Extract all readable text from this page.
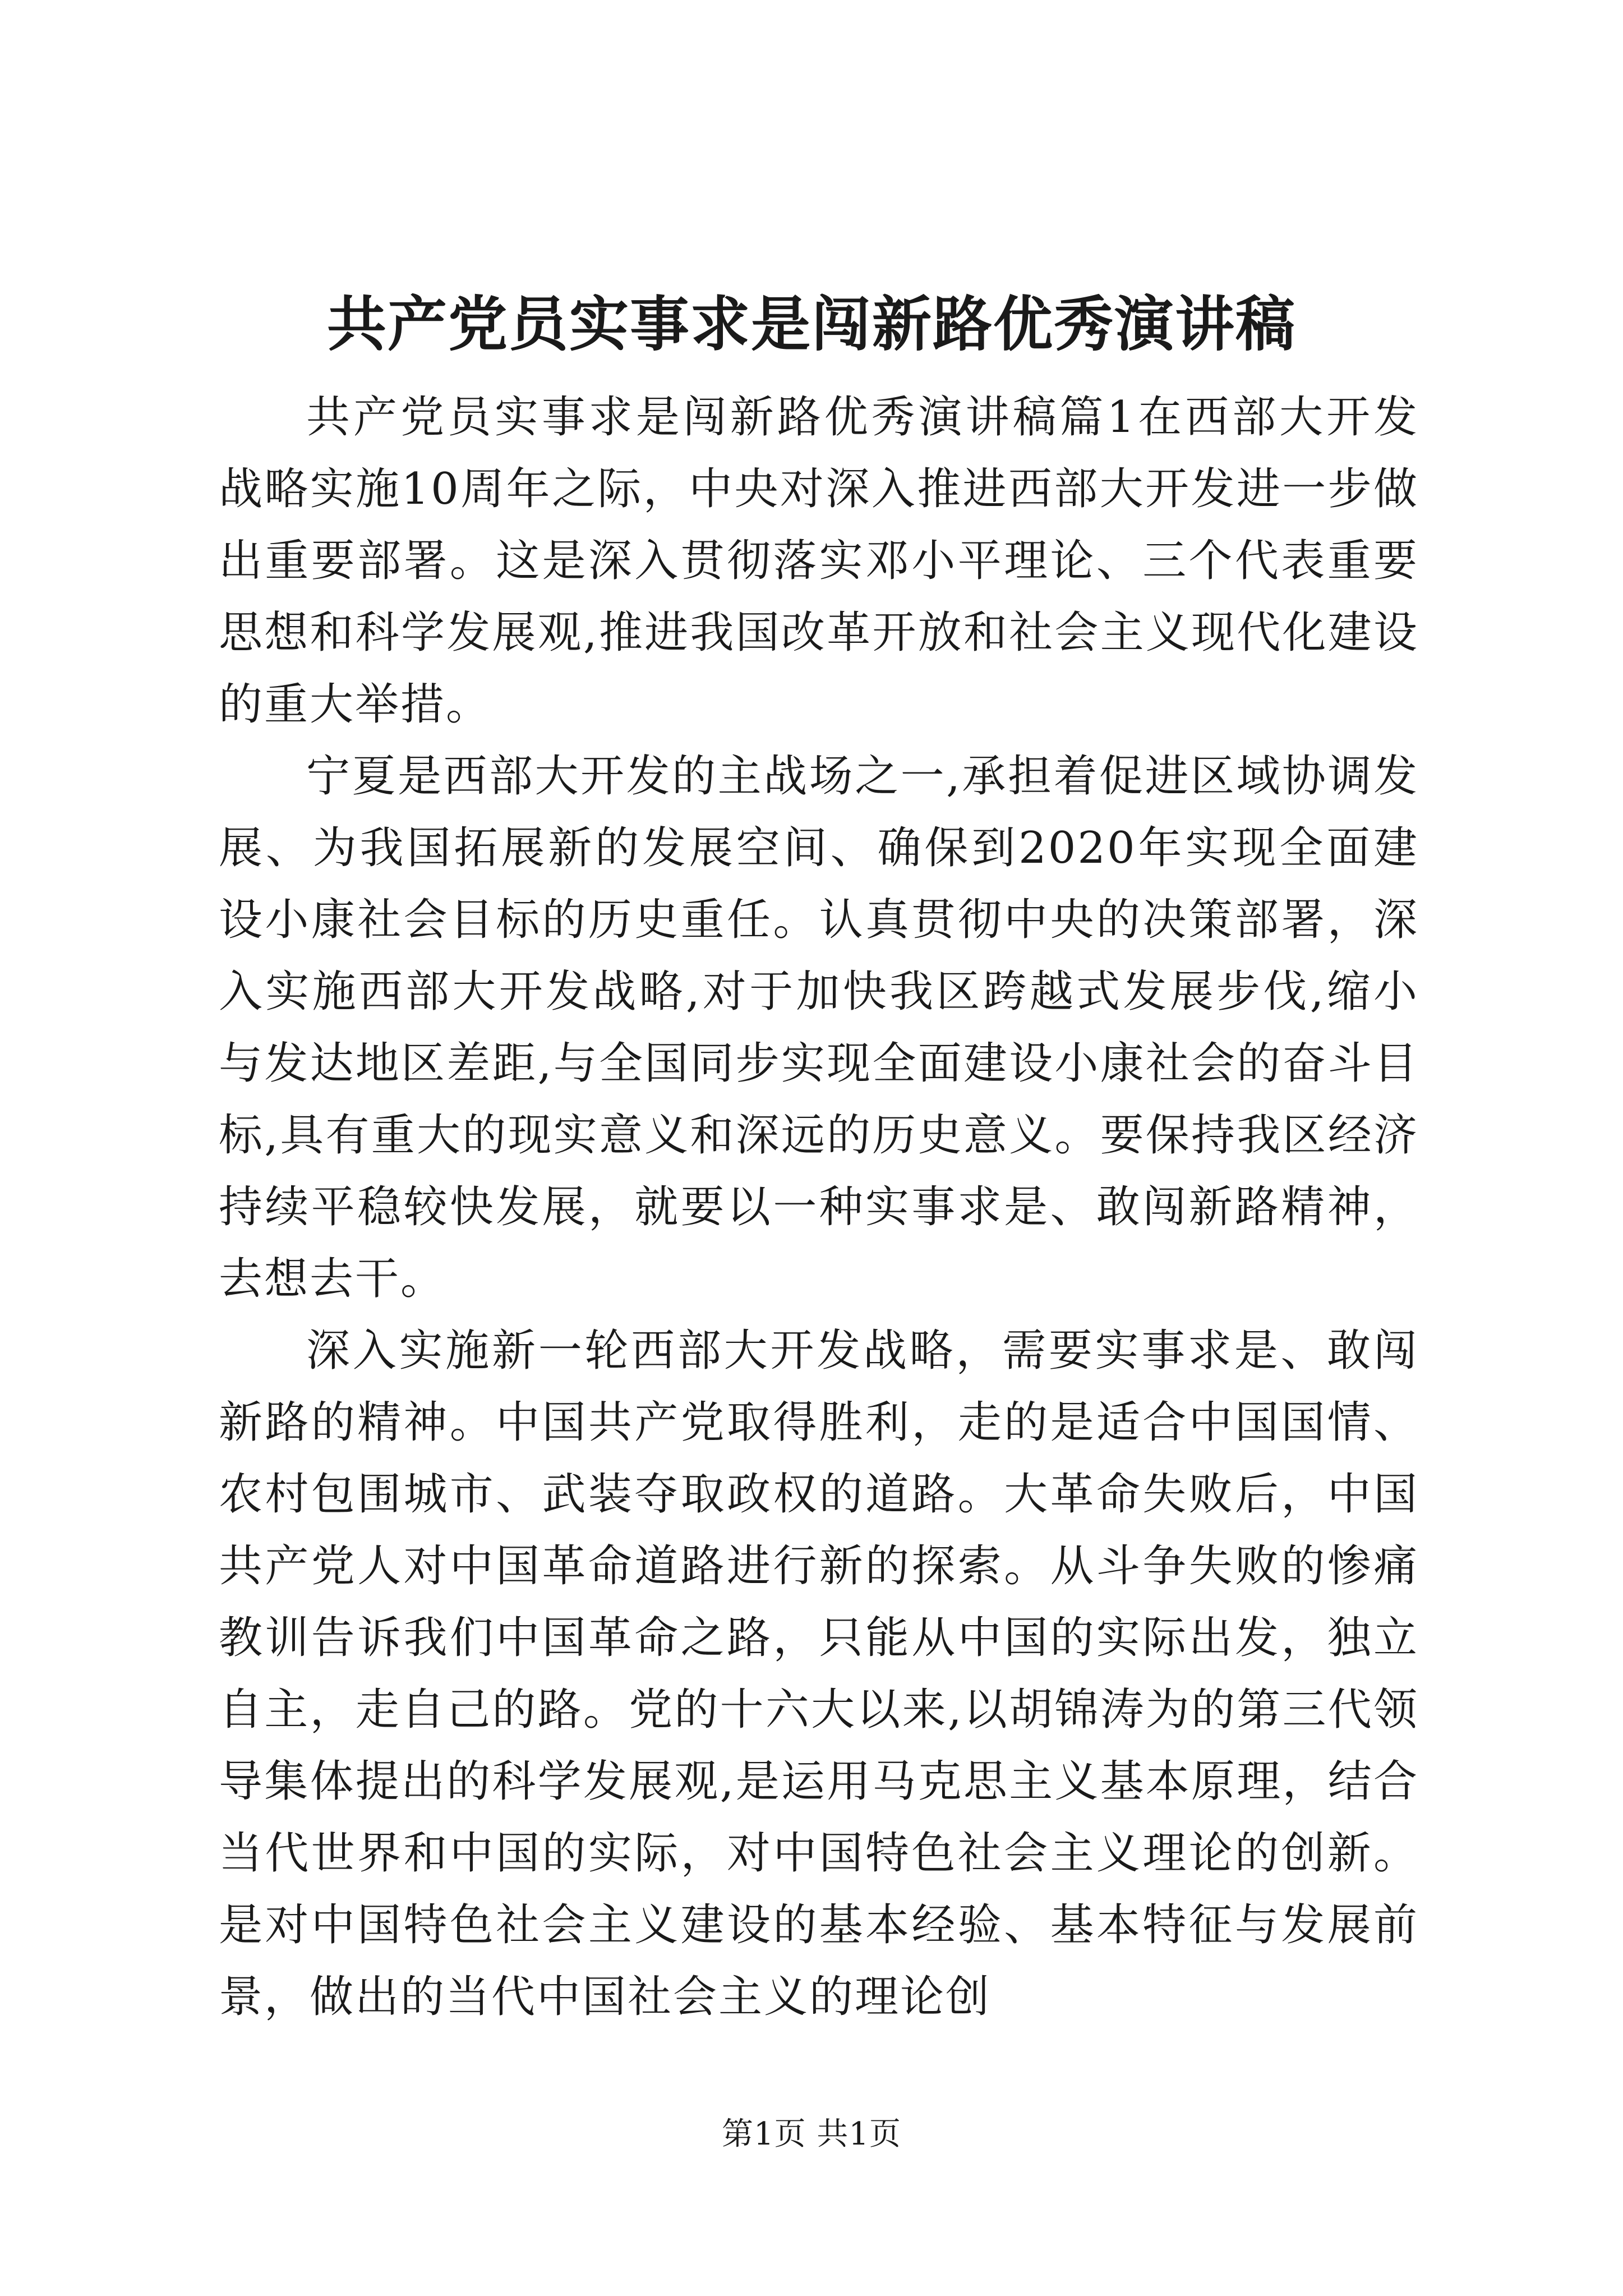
共产党员实事求是闯新路优秀演讲稿

共产党员实事求是闯新路优秀演讲稿篇1在西部大开发战略实施10周年之际，中央对深入推进西部大开发进一步做出重要部署。这是深入贯彻落实邓小平理论、三个代表重要思想和科学发展观,推进我国改革开放和社会主义现代化建设的重大举措。

宁夏是西部大开发的主战场之一,承担着促进区域协调发展、为我国拓展新的发展空间、确保到2020年实现全面建设小康社会目标的历史重任。认真贯彻中央的决策部署，深入实施西部大开发战略,对于加快我区跨越式发展步伐,缩小与发达地区差距,与全国同步实现全面建设小康社会的奋斗目标,具有重大的现实意义和深远的历史意义。要保持我区经济持续平稳较快发展，就要以一种实事求是、敢闯新路精神，去想去干。

深入实施新一轮西部大开发战略，需要实事求是、敢闯新路的精神。中国共产党取得胜利，走的是适合中国国情、农村包围城市、武装夺取政权的道路。大革命失败后，中国共产党人对中国革命道路进行新的探索。从斗争失败的惨痛教训告诉我们中国革命之路，只能从中国的实际出发，独立自主，走自己的路。党的十六大以来,以胡锦涛为的第三代领导集体提出的科学发展观,是运用马克思主义基本原理，结合当代世界和中国的实际，对中国特色社会主义理论的创新。是对中国特色社会主义建设的基本经验、基本特征与发展前景，做出的当代中国社会主义的理论创

第1页 共1页
